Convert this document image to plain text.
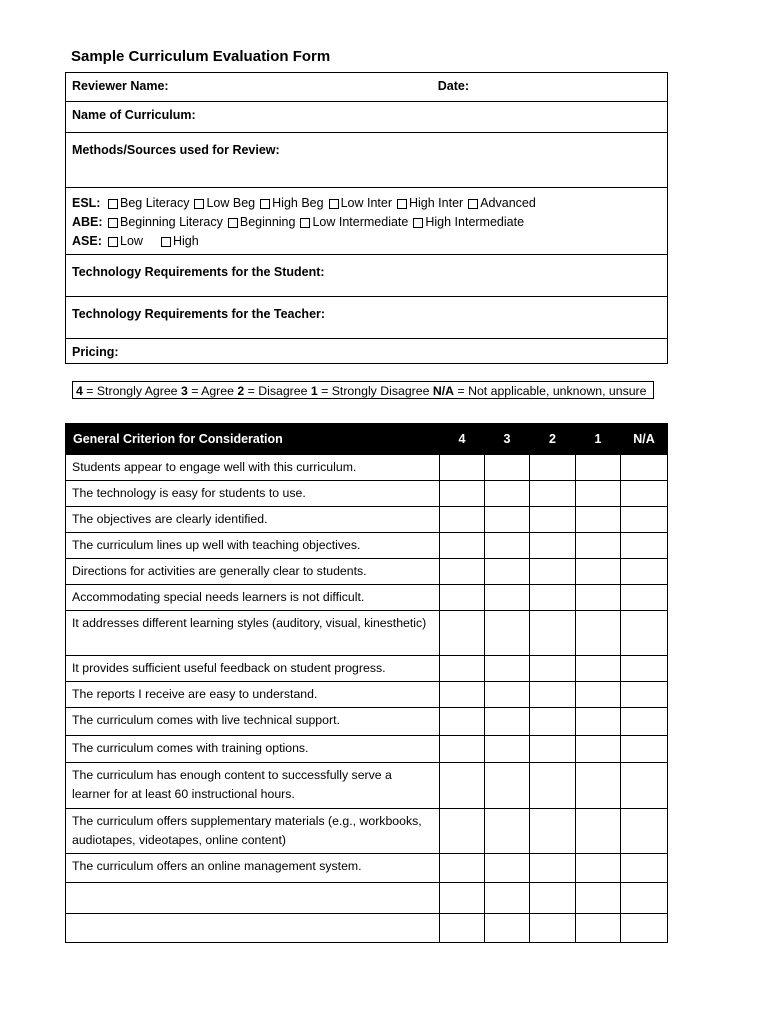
Sample Curriculum Evaluation Form
Reviewer Name:	Date:

Name of Curriculum:
Methods/Sources used for Review:

ESL:	Beg Literacy Low Beg High Beg Low Inter High Inter Advanced
ABE:	Beginning Literacy Beginning Low Intermediate High Intermediate
ASE:	Low High

Technology Requirements for the Student:
Technology Requirements for the Teacher:
Pricing:
4 = Strongly Agree 3 = Agree 2 = Disagree 1 = Strongly Disagree N/A = Not applicable, unknown, unsure
General Criterion for Consideration	4	3	2	1	N/A
Students appear to engage well with this curriculum.					
The technology is easy for students to use.					
The objectives are clearly identified.					
The curriculum lines up well with teaching objectives.					
Directions for activities are generally clear to students.					
Accommodating special needs learners is not difficult.					
It addresses different learning styles (auditory, visual, kinesthetic)					
It provides sufficient useful feedback on student progress.					
The reports I receive are easy to understand.					
The curriculum comes with live technical support.					
The curriculum comes with training options.					
The curriculum has enough content to successfully serve a learner for at least 60 instructional hours.					
The curriculum offers supplementary materials (e.g., workbooks, audiotapes, videotapes, online content)					
The curriculum offers an online management system.					
